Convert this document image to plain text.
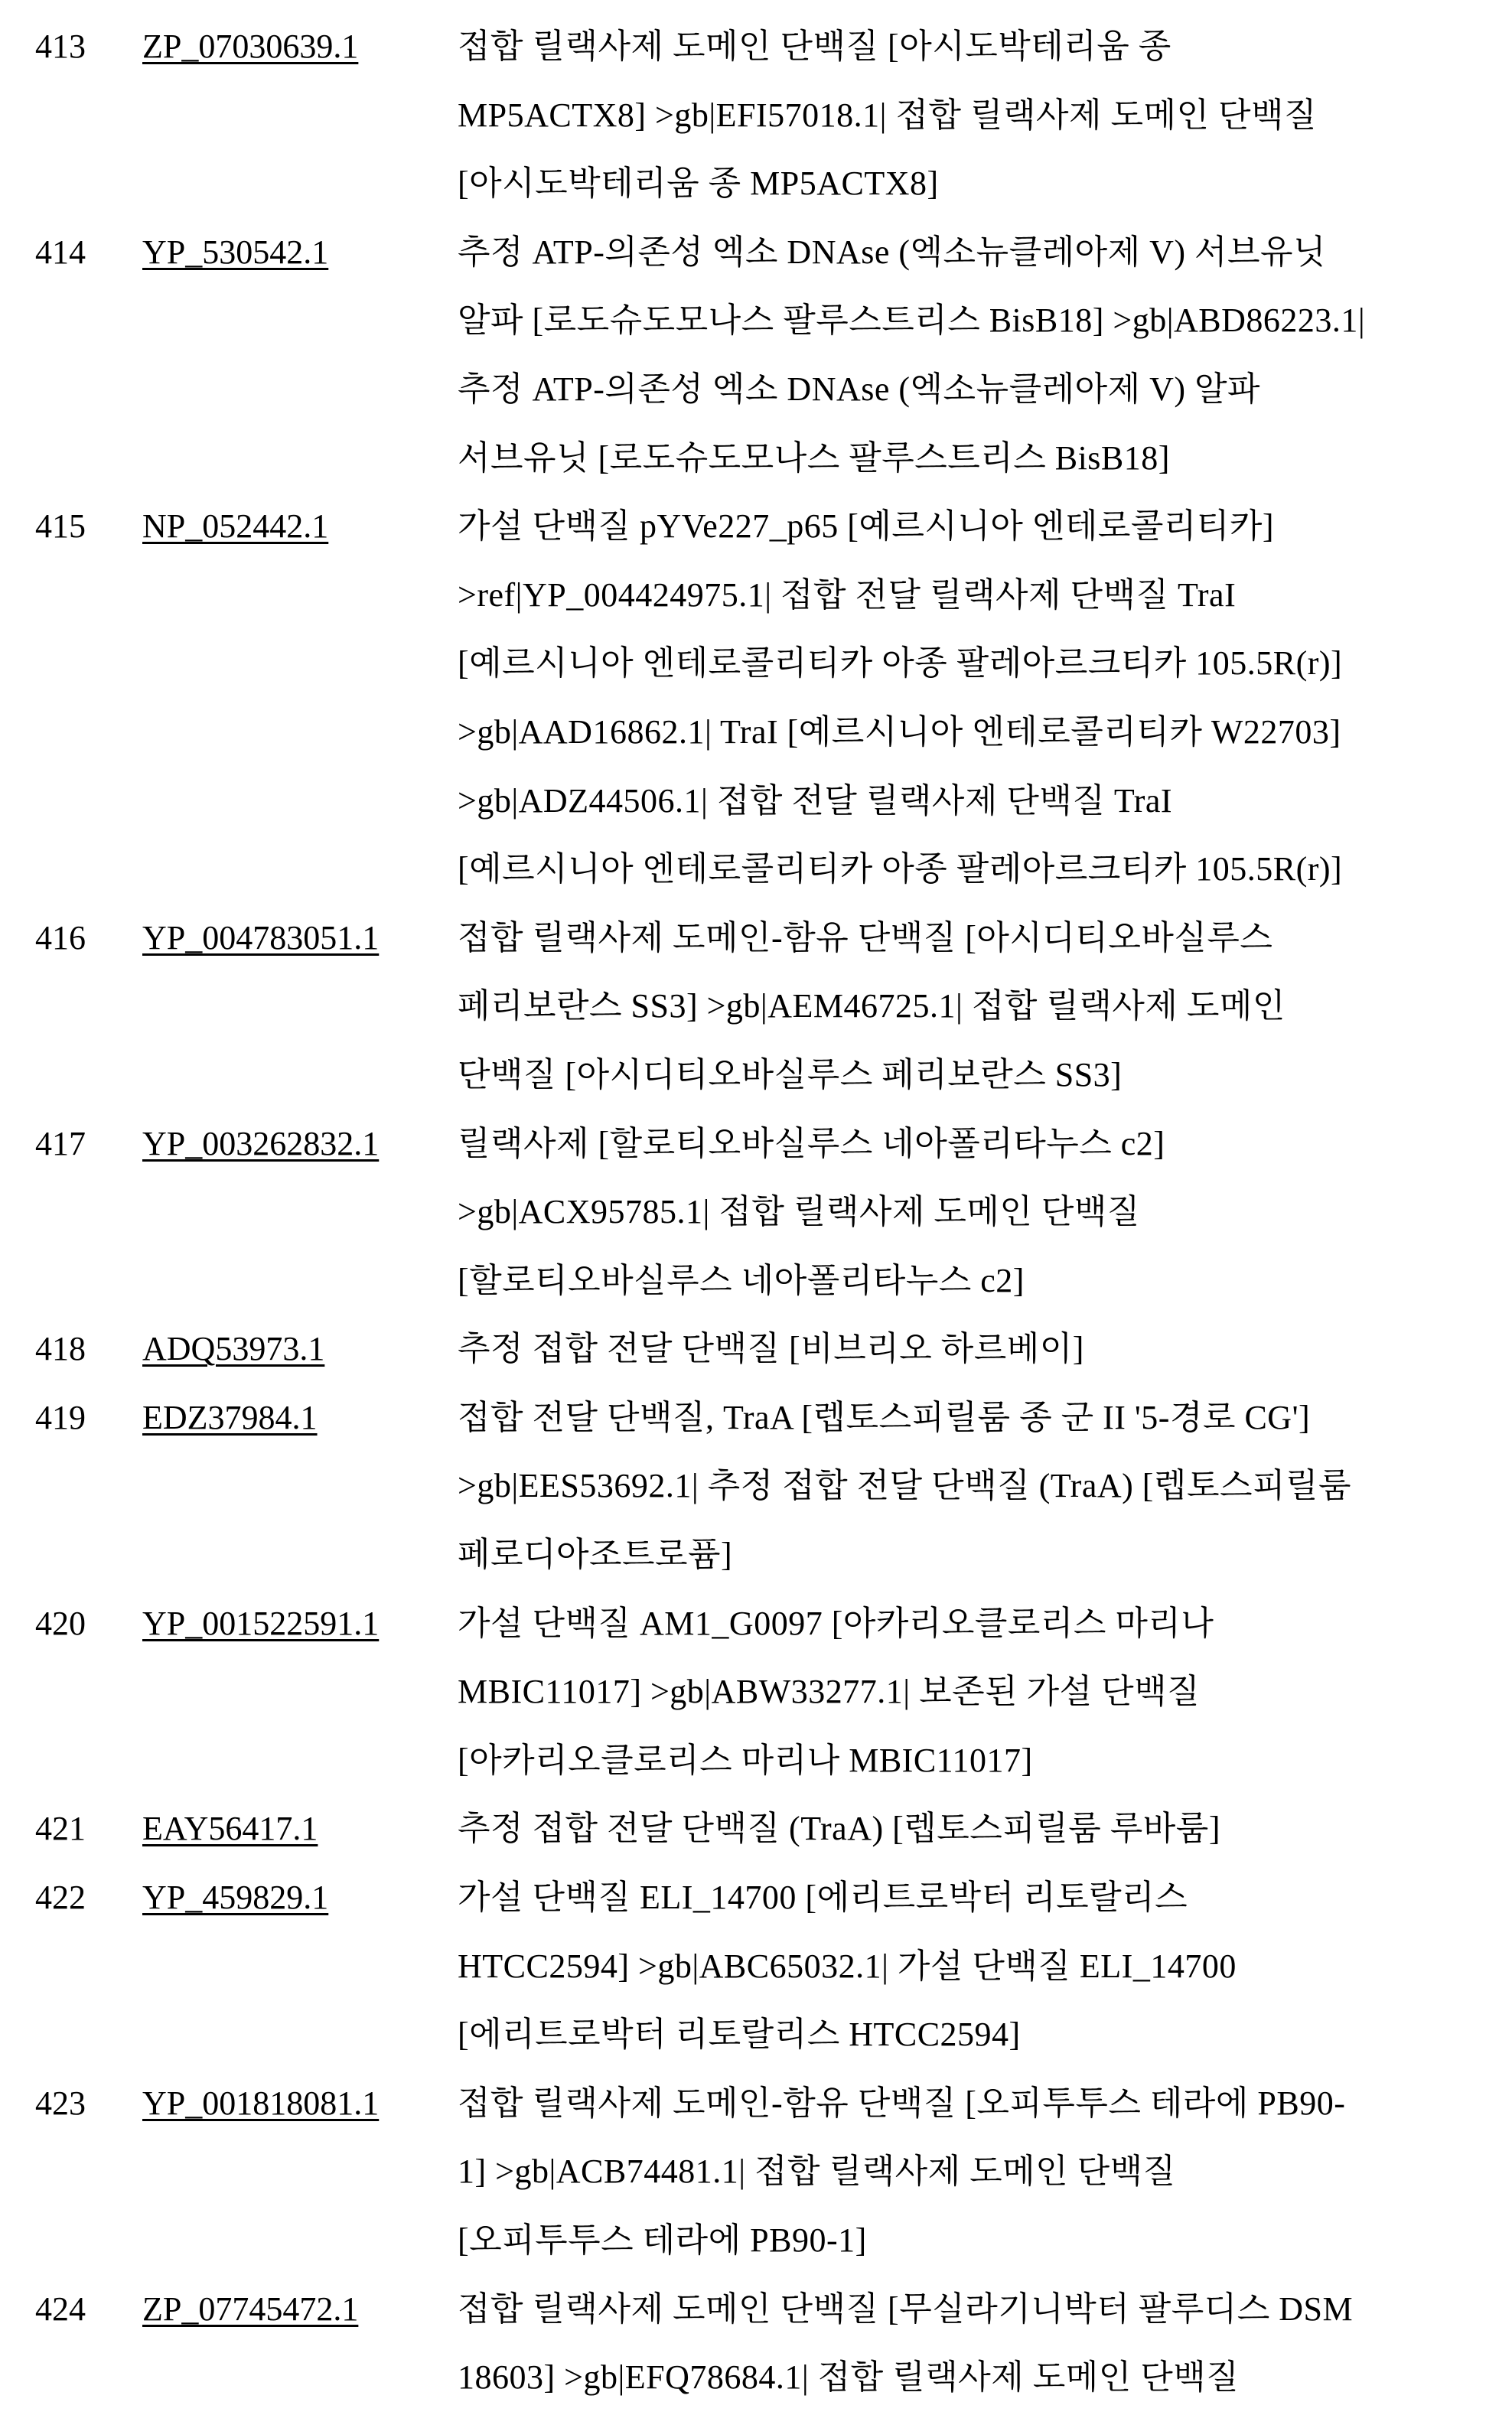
413 ZP_07030639.1	접합 릴랙사제 도메인 단백질 [아시도박테리움 종
MP5ACTX8] >gb|EFI57018.1| 접합 릴랙사제 도메인 단백질
[아시도박테리움 종 MP5ACTX8]
414 YP_530542.1	추정 ATP-의존성 엑소 DNAse (엑소뉴클레아제 V) 서브유닛
알파 [로도슈도모나스 팔루스트리스 BisB18] >gb|ABD86223.1|
추정 ATP-의존성 엑소 DNAse (엑소뉴클레아제 V) 알파
서브유닛 [로도슈도모나스 팔루스트리스 BisB18]
415 NP_052442.1	가설 단백질 pYVe227_p65 [예르시니아 엔테로콜리티카]
>ref|YP_004424975.1| 접합 전달 릴랙사제 단백질 TraI
[예르시니아 엔테로콜리티카 아종 팔레아르크티카 105.5R(r)]
>gb|AAD16862.1| TraI [예르시니아 엔테로콜리티카 W22703]
>gb|ADZ44506.1| 접합 전달 릴랙사제 단백질 TraI
[예르시니아 엔테로콜리티카 아종 팔레아르크티카 105.5R(r)]
416 YP_004783051.1 접합 릴랙사제 도메인-함유 단백질 [아시디티오바실루스
페리보란스 SS3] >gb|AEM46725.1| 접합 릴랙사제 도메인
단백질 [아시디티오바실루스 페리보란스 SS3]
417 YP_003262832.1 릴랙사제 [할로티오바실루스 네아폴리타누스 c2]
>gb|ACX95785.1| 접합 릴랙사제 도메인 단백질
[할로티오바실루스 네아폴리타누스 c2]
418 ADQ53973.1	추정 접합 전달 단백질 [비브리오 하르베이]
419 EDZ37984.1	접합 전달 단백질, TraA [렙토스피릴룸 종 군 II '5-경로 CG']
>gb|EES53692.1| 추정 접합 전달 단백질 (TraA) [렙토스피릴룸
페로디아조트로퓸]
420 YP_001522591.1 가설 단백질 AM1_G0097 [아카리오클로리스 마리나
MBIC11017] >gb|ABW33277.1| 보존된 가설 단백질
[아카리오클로리스 마리나 MBIC11017]
421 EAY56417.1	추정 접합 전달 단백질 (TraA) [렙토스피릴룸 루바룸]
422 YP_459829.1	가설 단백질 ELI_14700 [에리트로박터 리토랄리스
HTCC2594] >gb|ABC65032.1| 가설 단백질 ELI_14700
[에리트로박터 리토랄리스 HTCC2594]
423 YP_001818081.1 접합 릴랙사제 도메인-함유 단백질 [오피투투스 테라에 PB90-
1] >gb|ACB74481.1| 접합 릴랙사제 도메인 단백질
[오피투투스 테라에 PB90-1]
424 ZP_07745472.1	접합 릴랙사제 도메인 단백질 [무실라기니박터 팔루디스 DSM
18603] >gb|EFQ78684.1| 접합 릴랙사제 도메인 단백질
